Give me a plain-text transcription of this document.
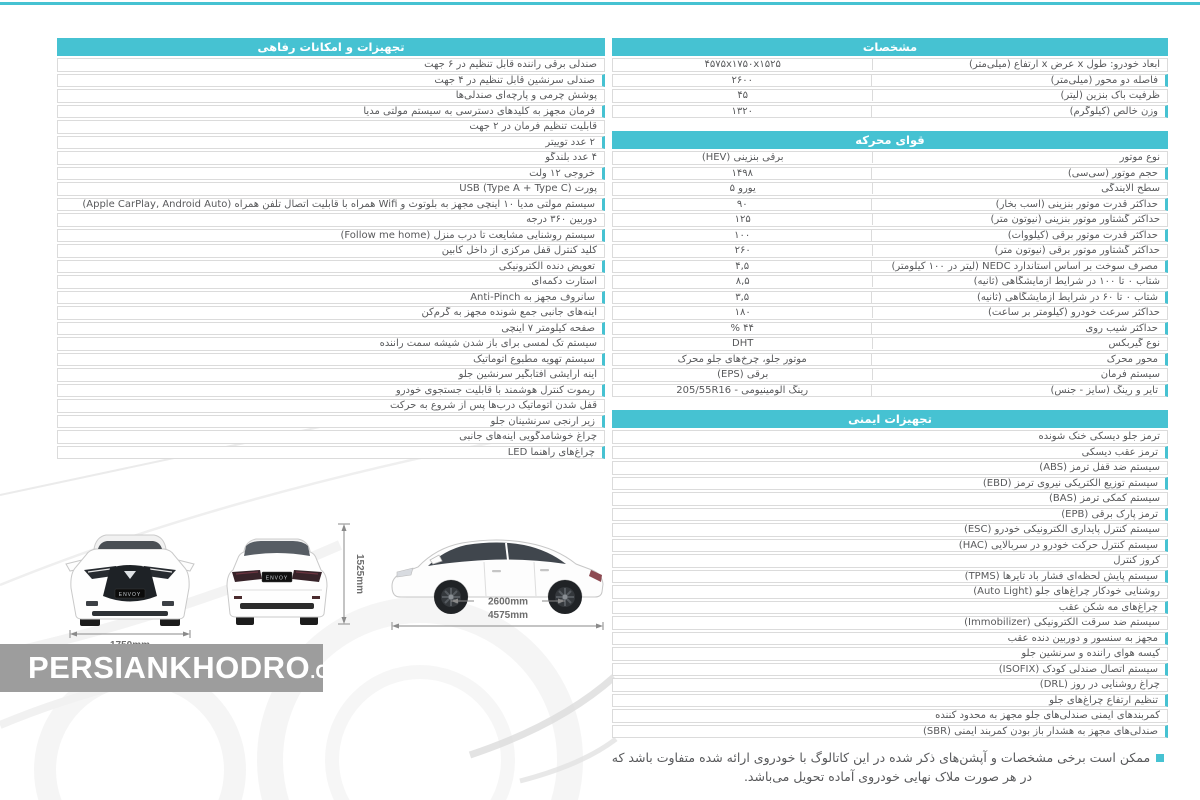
تجهیزات و امکانات رفاهی
صندلی برقی راننده قابل تنظیم در ۶ جهت
صندلی سرنشین قابل تنظیم در ۴ جهت
پوشش چرمی و پارچه‌ای صندلی‌ها
فرمان مجهز به کلیدهای دسترسی به سیستم مولتی مدیا
قابلیت تنظیم فرمان در ۲ جهت
۲ عدد توییتر
۴ عدد بلندگو
خروجی ۱۲ ولت
پورت USB (Type A + Type C)
سیستم مولتی مدیا ۱۰ اینچی مجهز به بلوتوث و Wifi همراه با قابلیت اتصال تلفن همراه (Apple CarPlay, Android Auto)
دوربین ۳۶۰ درجه
سیستم روشنایی مشایعت تا درب منزل (Follow me home)
کلید کنترل قفل مرکزی از داخل کابین
تعویض دنده الکترونیکی
استارت دکمه‌ای
سانروف مجهز به Anti-Pinch
آینه‌های جانبی جمع شونده مجهز به گرم‌کن
صفحه کیلومتر ۷ اینچی
سیستم تک لمسی برای باز شدن شیشه سمت راننده
سیستم تهویه مطبوع اتوماتیک
آینه آرایشی آفتابگیر سرنشین جلو
ریموت کنترل هوشمند با قابلیت جستجوی خودرو
قفل شدن اتوماتیک درب‌ها پس از شروع به حرکت
زیر آرنجی سرنشینان جلو
چراغ خوشامدگویی آینه‌های جانبی
چراغ‌های راهنما LED
مشخصات
ابعاد خودرو: طول x عرض x ارتفاع (میلی‌متر)
۴۵۷۵x۱۷۵۰x۱۵۲۵
فاصله دو محور (میلی‌متر)
۲۶۰۰
ظرفیت باک بنزین (لیتر)
۴۵
وزن خالص (کیلوگرم)
۱۳۲۰
قوای محرکه
نوع موتور
برقی بنزینی (HEV)
حجم موتور (سی‌سی)
۱۴۹۸
سطح آلایندگی
یورو ۵
حداکثر قدرت موتور بنزینی (اسب بخار)
۹۰
حداکثر گشتاور موتور بنزینی (نیوتون متر)
۱۲۵
حداکثر قدرت موتور برقی (کیلووات)
۱۰۰
حداکثر گشتاور موتور برقی (نیوتون متر)
۲۶۰
مصرف سوخت بر اساس استاندارد NEDC (لیتر در ۱۰۰ کیلومتر)
۴,۵
شتاب ۰ تا ۱۰۰ در شرایط آزمایشگاهی (ثانیه)
۸,۵
شتاب ۰ تا ۶۰ در شرایط آزمایشگاهی (ثانیه)
۳,۵
حداکثر سرعت خودرو (کیلومتر بر ساعت)
۱۸۰
حداکثر شیب روی
% ۴۴
نوع گیربکس
DHT
محور محرک
موتور جلو، چرخ‌های جلو محرک
سیستم فرمان
برقی (EPS)
تایر و رینگ (سایز - جنس)
205/55R16 - رینگ آلومینیومی
تجهیزات ایمنی
ترمز جلو دیسکی خنک شونده
ترمز عقب دیسکی
سیستم ضد قفل ترمز (ABS)
سیستم توزیع الکتریکی نیروی ترمز (EBD)
سیستم کمکی ترمز (BAS)
ترمز پارک برقی (EPB)
سیستم کنترل پایداری الکترونیکی خودرو (ESC)
سیستم کنترل حرکت خودرو در سربالایی (HAC)
کروز کنترل
سیستم پایش لحظه‌ای فشار باد تایرها (TPMS)
روشنایی خودکار چراغ‌های جلو (Auto Light)
چراغ‌های مه شکن عقب
سیستم ضد سرقت الکترونیکی (Immobilizer)
مجهز به سنسور و دوربین دنده عقب
کیسه هوای راننده و سرنشین جلو
سیستم اتصال صندلی کودک (ISOFIX)
چراغ روشنایی در روز (DRL)
تنظیم ارتفاع چراغ‌های جلو
کمربندهای ایمنی صندلی‌های جلو مجهز به محدود کننده
صندلی‌های مجهز به هشدار باز بودن کمربند ایمنی (SBR)
ENVOY
ENVOY	1525mm
2600mm
4575mm
PERSIANKHODRO .COM
ممکن است برخی مشخصات و آپشن‌های ذکر شده در این کاتالوگ با خودروی ارائه شده متفاوت باشد که در هر صورت ملاک نهایی خودروی آماده تحویل می‌باشد.
